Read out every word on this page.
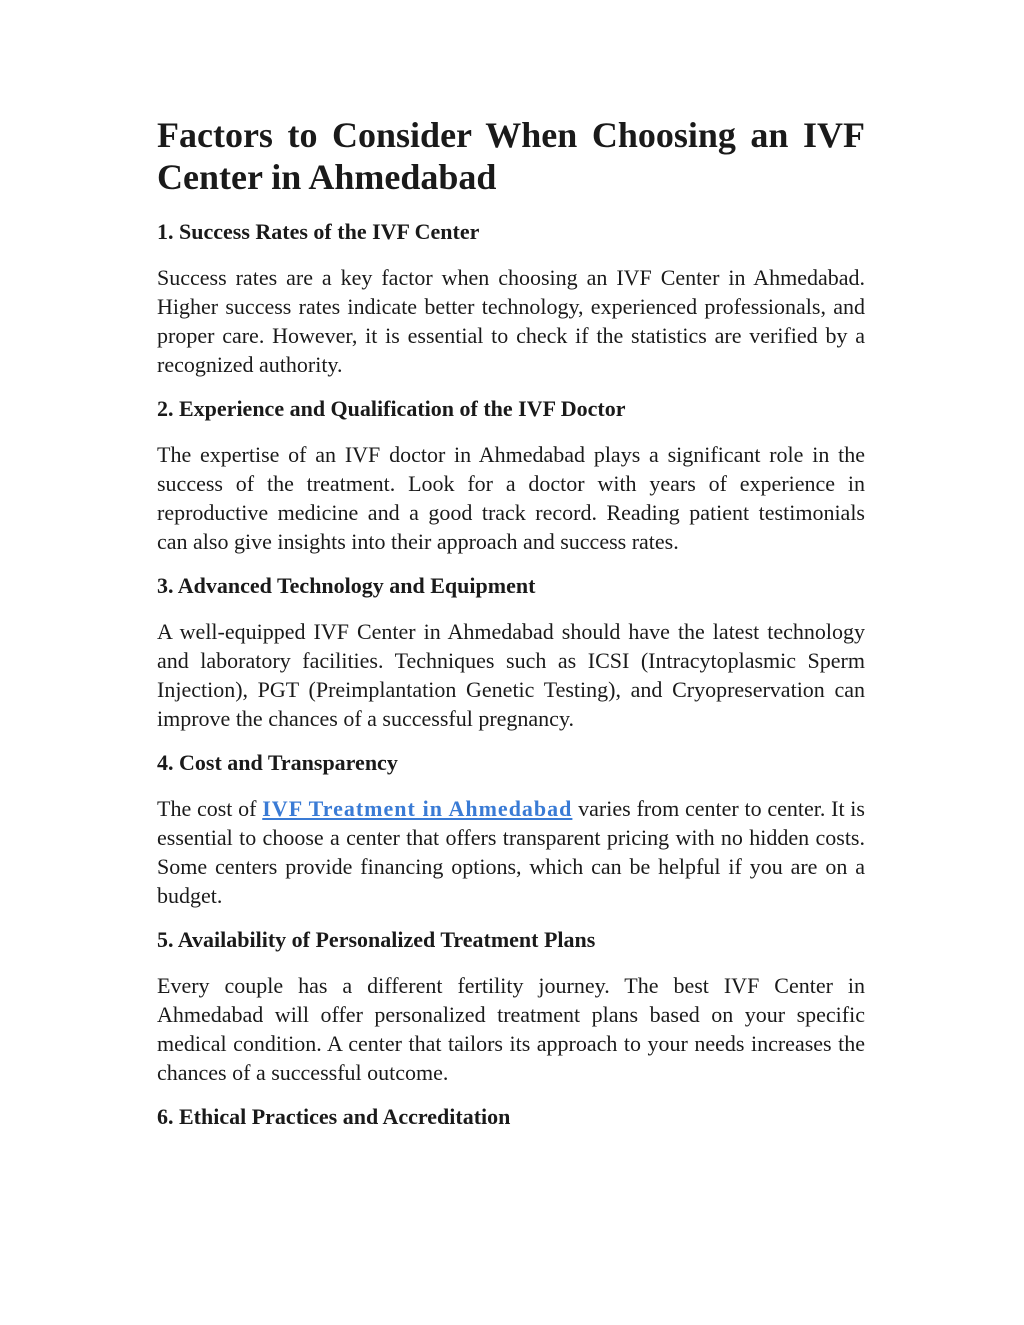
Factors to Consider When Choosing an IVF Center in Ahmedabad
1. Success Rates of the IVF Center

Success rates are a key factor when choosing an IVF Center in Ahmedabad. Higher success rates indicate better technology, experienced professionals, and proper care. However, it is essential to check if the statistics are verified by a recognized authority.

2. Experience and Qualification of the IVF Doctor

The expertise of an IVF doctor in Ahmedabad plays a significant role in the success of the treatment. Look for a doctor with years of experience in reproductive medicine and a good track record. Reading patient testimonials can also give insights into their approach and success rates.

3. Advanced Technology and Equipment

A well-equipped IVF Center in Ahmedabad should have the latest technology and laboratory facilities. Techniques such as ICSI (Intracytoplasmic Sperm Injection), PGT (Preimplantation Genetic Testing), and Cryopreservation can improve the chances of a successful pregnancy.

4. Cost and Transparency

The cost of IVF Treatment in Ahmedabad varies from center to center. It is essential to choose a center that offers transparent pricing with no hidden costs. Some centers provide financing options, which can be helpful if you are on a budget.

5. Availability of Personalized Treatment Plans

Every couple has a different fertility journey. The best IVF Center in Ahmedabad will offer personalized treatment plans based on your specific medical condition. A center that tailors its approach to your needs increases the chances of a successful outcome.

6. Ethical Practices and Accreditation
